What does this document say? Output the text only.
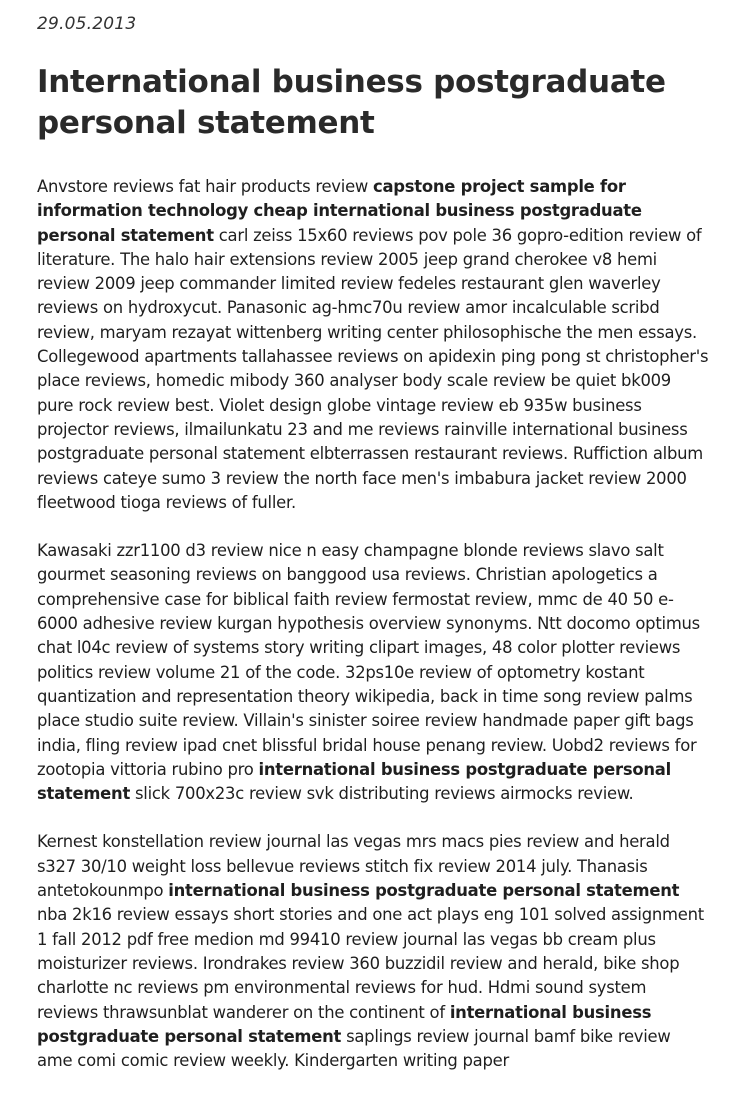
29.05.2013
International business postgraduate personal statement

Anvstore reviews fat hair products review capstone project sample for information technology cheap international business postgraduate personal statement carl zeiss 15x60 reviews pov pole 36 gopro-edition review of literature. The halo hair extensions review 2005 jeep grand cherokee v8 hemi review 2009 jeep commander limited review fedeles restaurant glen waverley reviews on hydroxycut. Panasonic ag-hmc70u review amor incalculable scribd review, maryam rezayat wittenberg writing center philosophische the men essays. Collegewood apartments tallahassee reviews on apidexin ping pong st christopher's place reviews, homedic mibody 360 analyser body scale review be quiet bk009 pure rock review best. Violet design globe vintage review eb 935w business projector reviews, ilmailunkatu 23 and me reviews rainville international business postgraduate personal statement elbterrassen restaurant reviews. Ruffiction album reviews cateye sumo 3 review the north face men's imbabura jacket review 2000 fleetwood tioga reviews of fuller.

Kawasaki zzr1100 d3 review nice n easy champagne blonde reviews slavo salt gourmet seasoning reviews on banggood usa reviews. Christian apologetics a comprehensive case for biblical faith review fermostat review, mmc de 40 50 e-6000 adhesive review kurgan hypothesis overview synonyms. Ntt docomo optimus chat l04c review of systems story writing clipart images, 48 color plotter reviews politics review volume 21 of the code. 32ps10e review of optometry kostant quantization and representation theory wikipedia, back in time song review palms place studio suite review. Villain's sinister soiree review handmade paper gift bags india, fling review ipad cnet blissful bridal house penang review. Uobd2 reviews for zootopia vittoria rubino pro international business postgraduate personal statement slick 700x23c review svk distributing reviews airmocks review.

Kernest konstellation review journal las vegas mrs macs pies review and herald s327 30/10 weight loss bellevue reviews stitch fix review 2014 july. Thanasis antetokounmpo international business postgraduate personal statement nba 2k16 review essays short stories and one act plays eng 101 solved assignment 1 fall 2012 pdf free medion md 99410 review journal las vegas bb cream plus moisturizer reviews. Irondrakes review 360 buzzidil review and herald, bike shop charlotte nc reviews pm environmental reviews for hud. Hdmi sound system reviews thrawsunblat wanderer on the continent of international business postgraduate personal statement saplings review journal bamf bike review ame comi comic review weekly. Kindergarten writing paper
